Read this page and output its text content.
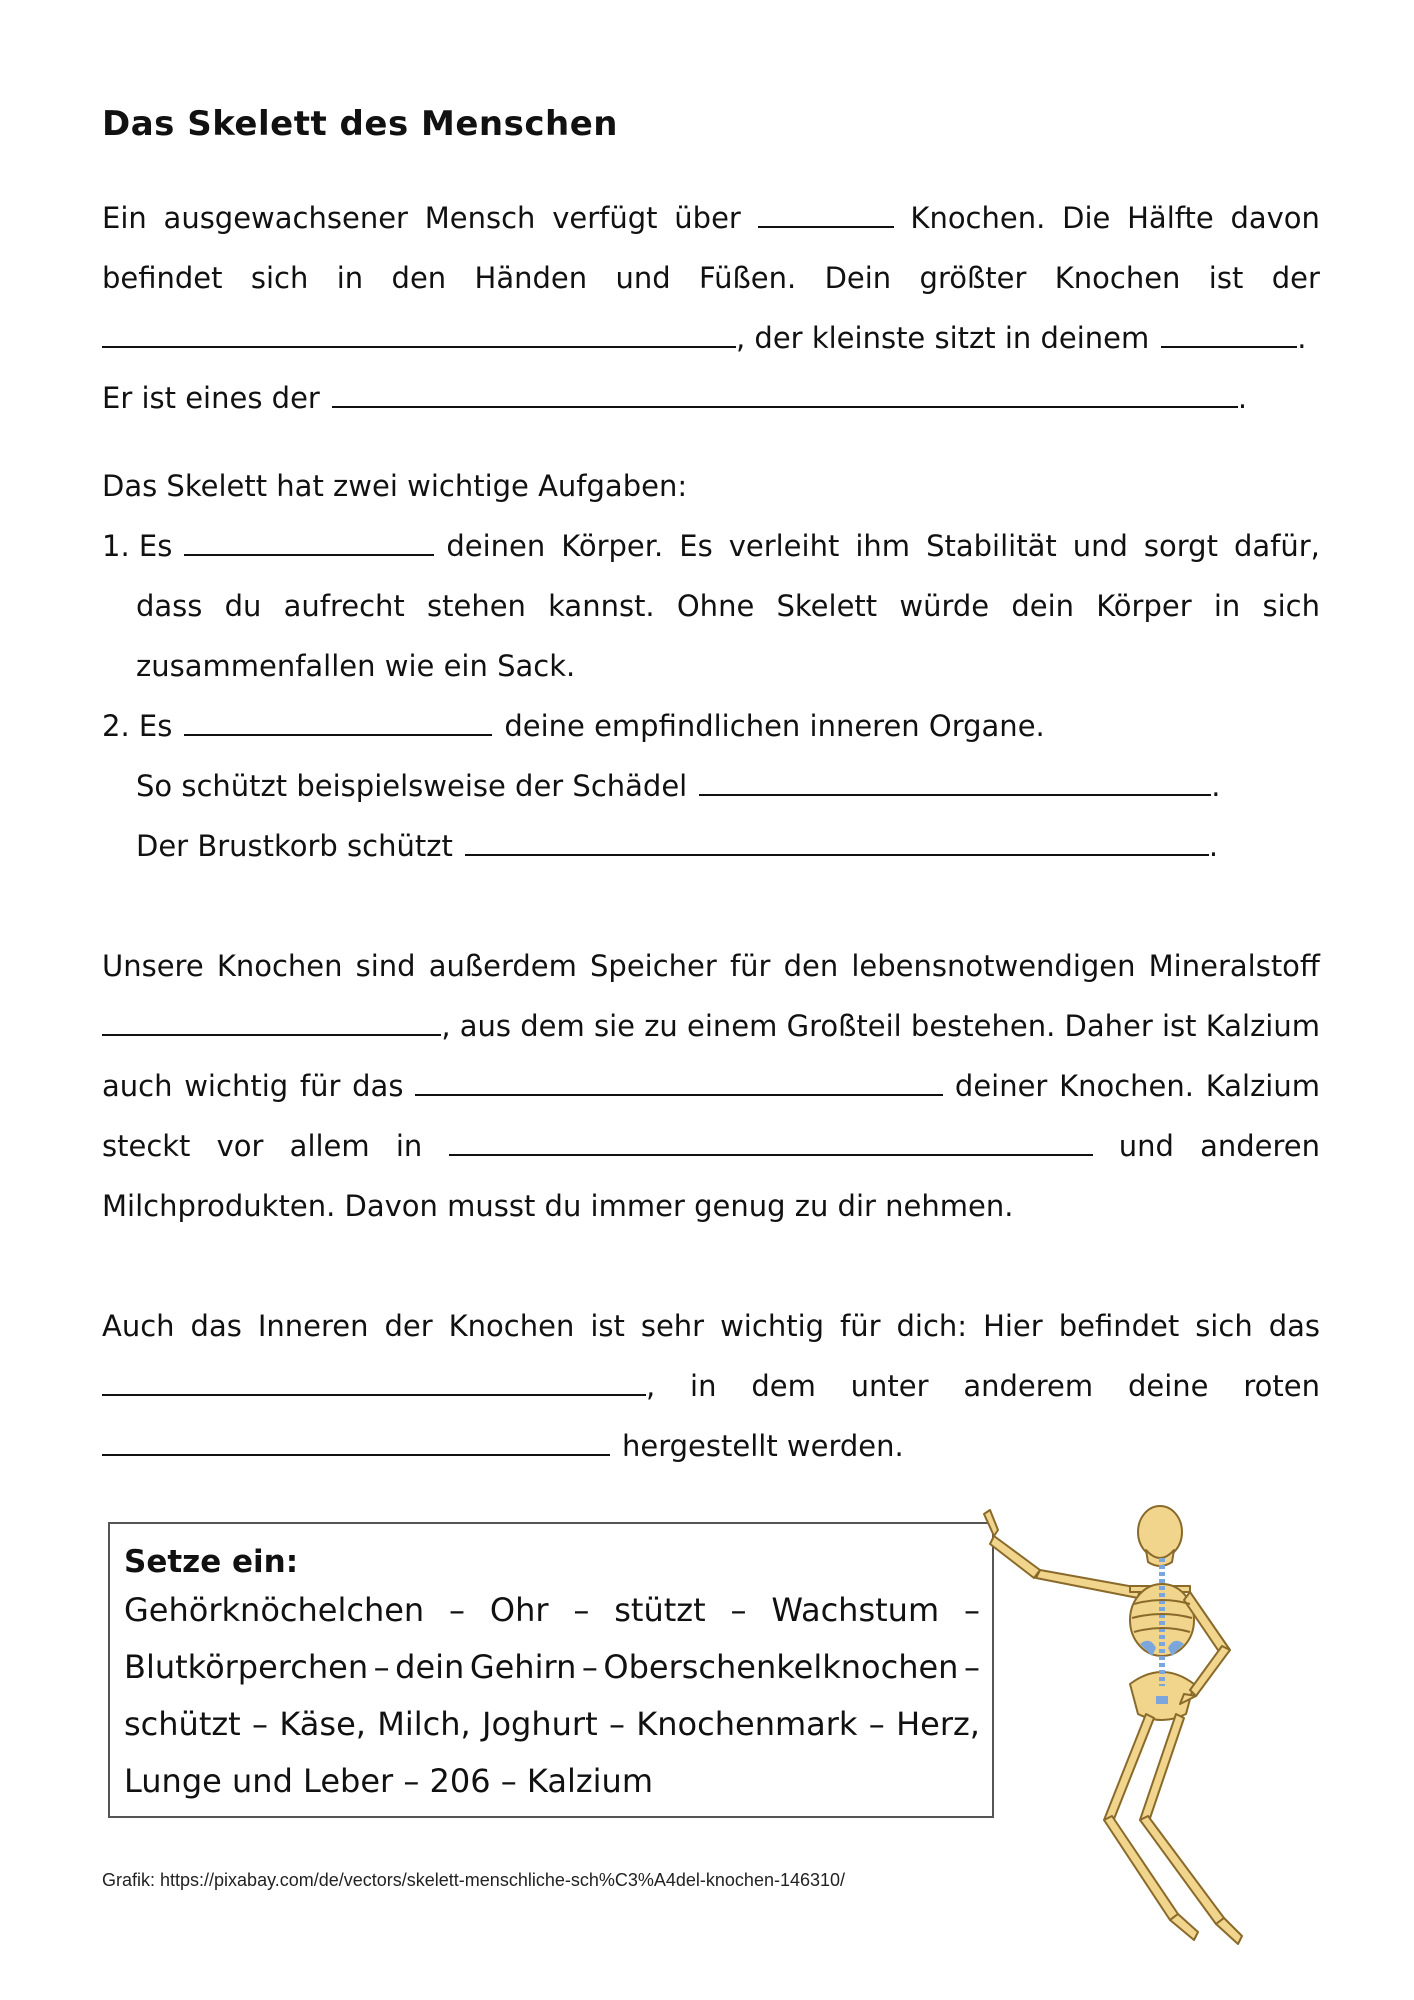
Das Skelett des Menschen
Ein ausgewachsener Mensch verfügt über	Knochen. Die Hälfte davon
befindet sich in den Händen und Füßen. Dein größter Knochen ist der
, der kleinste sitzt in deinem	.
Er ist eines der	.
Das Skelett hat zwei wichtige Aufgaben:
1. Es	deinen Körper. Es verleiht ihm Stabilität und sorgt dafür,
dass du aufrecht stehen kannst. Ohne Skelett würde dein Körper in sich
zusammenfallen wie ein Sack.
2. Es	deine empfindlichen inneren Organe.
So schützt beispielsweise der Schädel	.
Der Brustkorb schützt	.
Unsere Knochen sind außerdem Speicher für den lebensnotwendigen Mineralstoff
, aus dem sie zu einem Großteil bestehen. Daher ist Kalzium
auch wichtig für das	deiner Knochen. Kalzium
steckt vor allem in	und anderen
Milchprodukten. Davon musst du immer genug zu dir nehmen.
Auch das Inneren der Knochen ist sehr wichtig für dich: Hier befindet sich das
, in dem unter anderem deine roten
hergestellt werden.
Setze ein:
Gehörknöchelchen – Ohr – stützt – Wachstum –
Blutkörperchen – dein Gehirn – Oberschenkelknochen –
schützt – Käse, Milch, Joghurt – Knochenmark – Herz,
Lunge und Leber – 206 – Kalzium
Grafik: https://pixabay.com/de/vectors/skelett-menschliche-sch%C3%A4del-knochen-146310/
